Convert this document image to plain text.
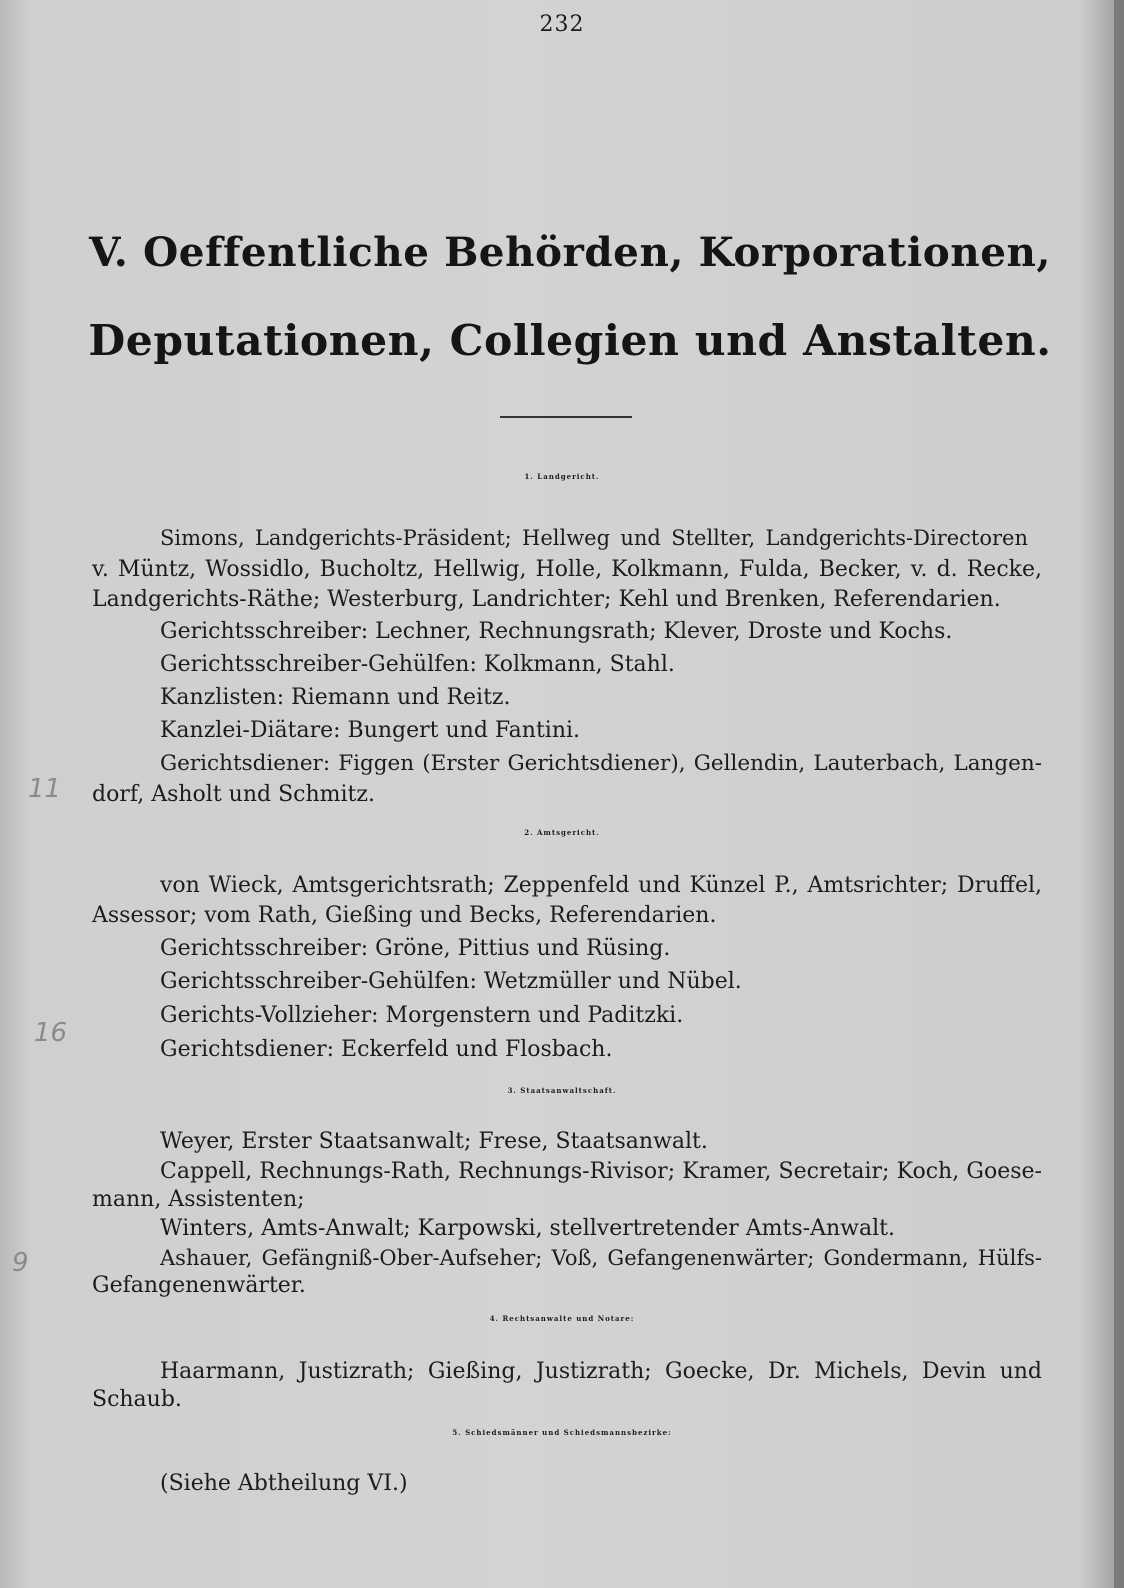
232
V. Oeffentliche Behörden, Korporationen,
Deputationen, Collegien und Anstalten.
1. Landgericht.
Simons, Landgerichts-Präsident; Hellweg und Stellter, Landgerichts-Directoren
v. Müntz, Wossidlo, Bucholtz, Hellwig, Holle, Kolkmann, Fulda, Becker, v. d. Recke,
Landgerichts-Räthe; Westerburg, Landrichter; Kehl und Brenken, Referendarien.
Gerichtsschreiber: Lechner, Rechnungsrath; Klever, Droste und Kochs.
Gerichtsschreiber-Gehülfen: Kolkmann, Stahl.
Kanzlisten: Riemann und Reitz.
Kanzlei-Diätare: Bungert und Fantini.
Gerichtsdiener: Figgen (Erster Gerichtsdiener), Gellendin, Lauterbach, Langen-
dorf, Asholt und Schmitz.
2. Amtsgericht.
von Wieck, Amtsgerichtsrath; Zeppenfeld und Künzel P., Amtsrichter; Druffel,
Assessor; vom Rath, Gießing und Becks, Referendarien.
Gerichtsschreiber: Gröne, Pittius und Rüsing.
Gerichtsschreiber-Gehülfen: Wetzmüller und Nübel.
Gerichts-Vollzieher: Morgenstern und Paditzki.
Gerichtsdiener: Eckerfeld und Flosbach.
3. Staatsanwaltschaft.
Weyer, Erster Staatsanwalt; Frese, Staatsanwalt.
Cappell, Rechnungs-Rath, Rechnungs-Rivisor; Kramer, Secretair; Koch, Goese-
mann, Assistenten;
Winters, Amts-Anwalt; Karpowski, stellvertretender Amts-Anwalt.
Ashauer, Gefängniß-Ober-Aufseher; Voß, Gefangenenwärter; Gondermann, Hülfs-
Gefangenenwärter.
4. Rechtsanwalte und Notare:
Haarmann, Justizrath; Gießing, Justizrath; Goecke, Dr. Michels, Devin und
Schaub.
5. Schiedsmänner und Schiedsmannsbezirke:
(Siehe Abtheilung VI.)
11
16
9
